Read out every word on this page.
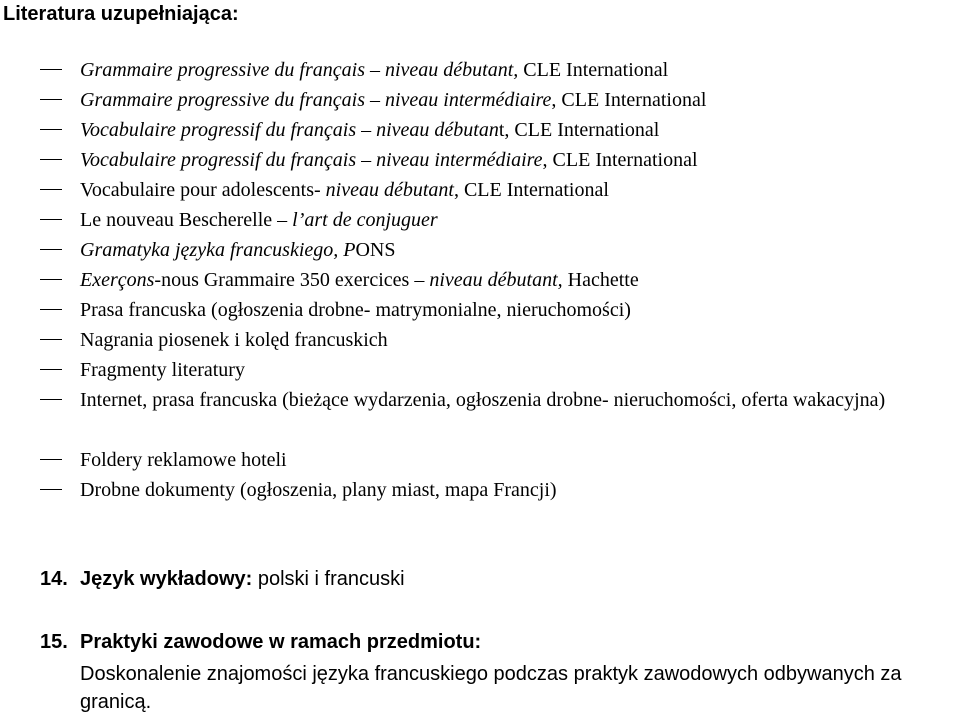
Literatura uzupełniająca:
Grammaire progressive du français – niveau débutant, CLE International
Grammaire progressive du français – niveau intermédiaire, CLE International
Vocabulaire progressif du français – niveau débutant, CLE International
Vocabulaire progressif du français – niveau intermédiaire, CLE International
Vocabulaire pour adolescents- niveau débutant, CLE International
Le nouveau Bescherelle – l’art de conjuguer
Gramatyka języka francuskiego, PONS
Exerçons-nous Grammaire 350 exercices – niveau débutant, Hachette
Prasa francuska (ogłoszenia drobne- matrymonialne, nieruchomości)
Nagrania piosenek i kolęd francuskich
Fragmenty literatury
Internet, prasa francuska (bieżące wydarzenia, ogłoszenia drobne- nieruchomości, oferta wakacyjna)
Foldery reklamowe hoteli
Drobne dokumenty (ogłoszenia, plany miast, mapa Francji)
14. Język wykładowy: polski i francuski
15. Praktyki zawodowe w ramach przedmiotu:
Doskonalenie znajomości języka francuskiego podczas praktyk zawodowych odbywanych za granicą.
